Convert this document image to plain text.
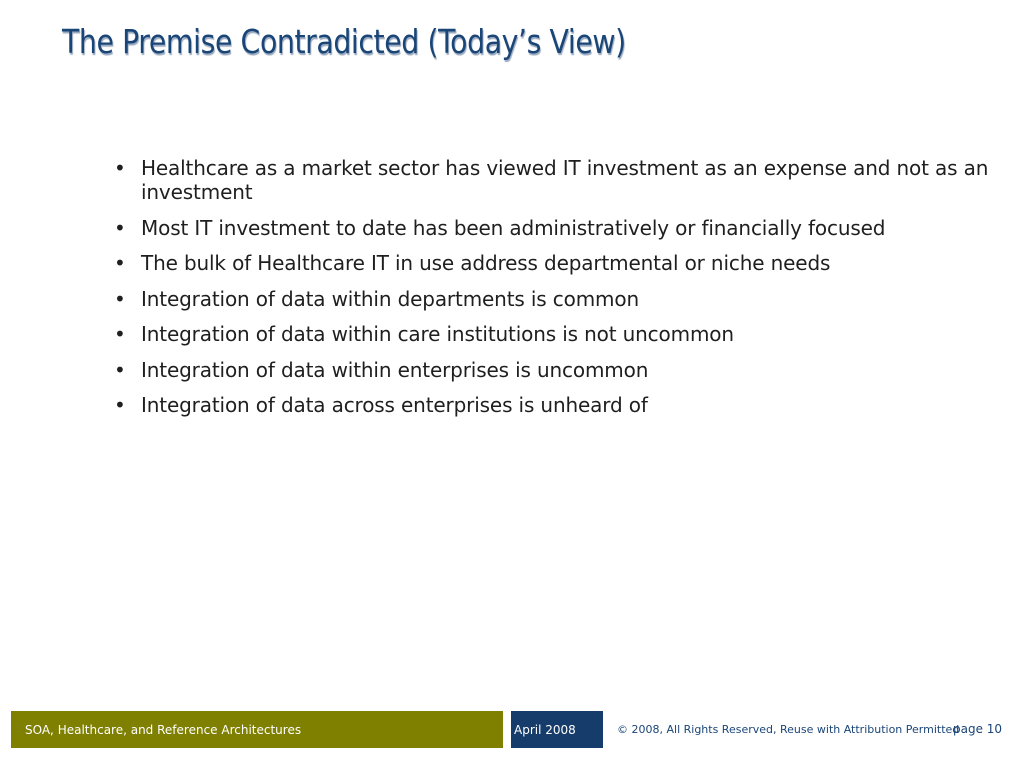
The Premise Contradicted (Today’s View)
• Healthcare as a market sector has viewed IT investment as an expense and not as an investment
• Most IT investment to date has been administratively or financially focused
• The bulk of Healthcare IT in use address departmental or niche needs
• Integration of data within departments is common
• Integration of data within care institutions is not uncommon
• Integration of data within enterprises is uncommon
• Integration of data across enterprises is unheard of
SOA, Healthcare, and Reference Architectures	April 2008	© 2008, All Rights Reserved, Reuse with Attribution Permitted
page 10
